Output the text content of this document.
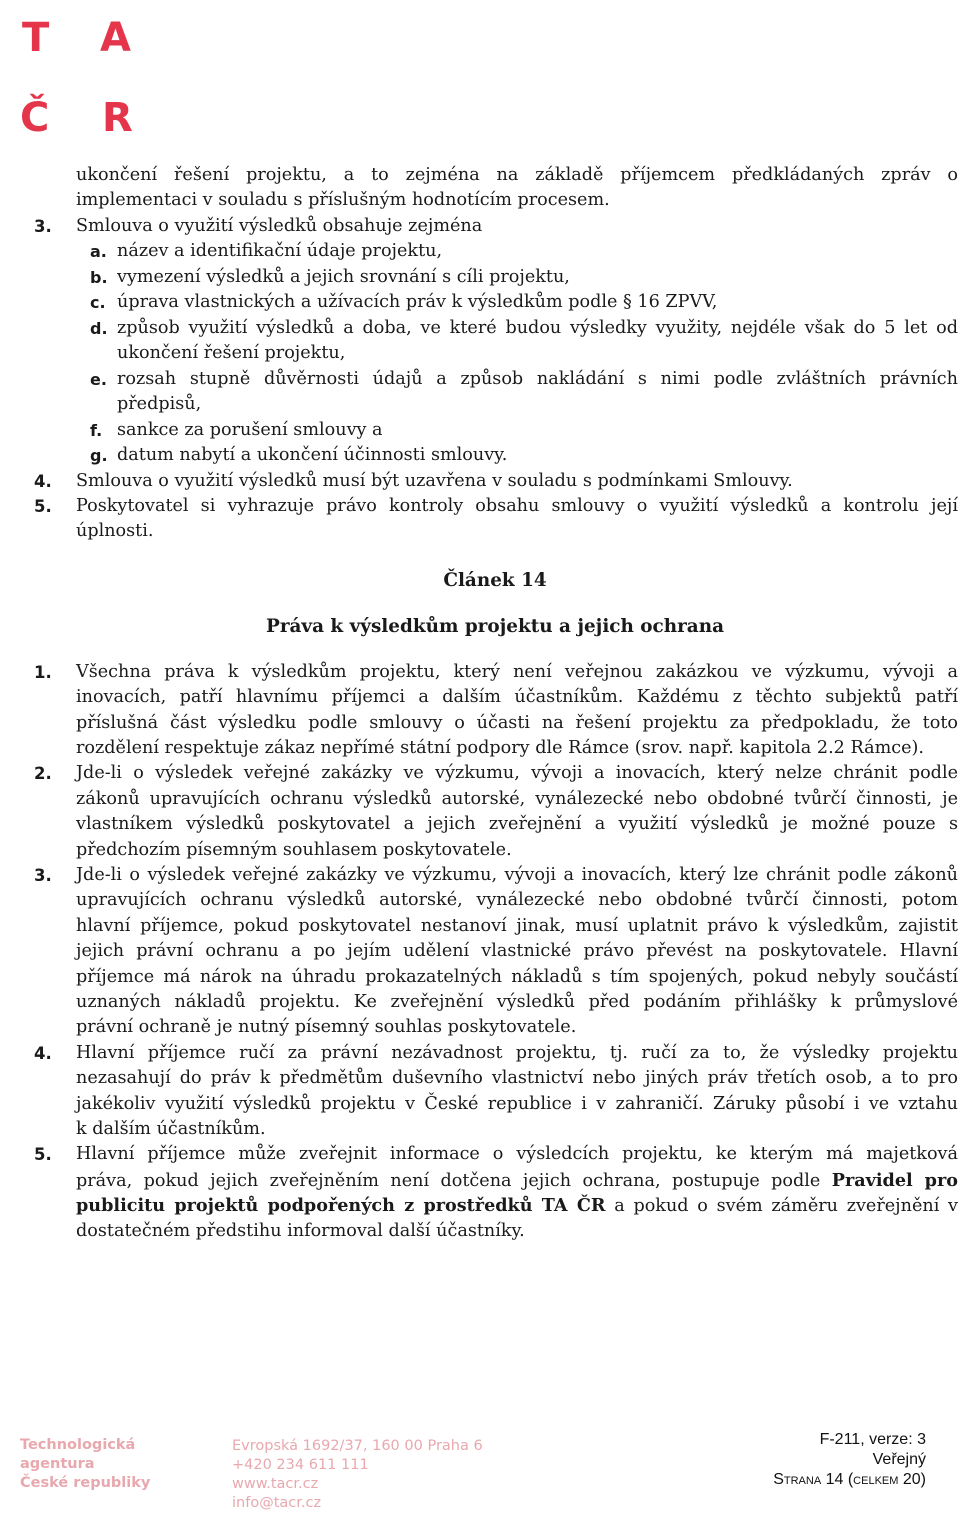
T A
Č R
ukončení řešení projektu, a to zejména na základě příjemcem předkládaných zpráv o
implementaci v souladu s příslušným hodnotícím procesem.
3. Smlouva o využití výsledků obsahuje zejména
a. název a identifikační údaje projektu,
b. vymezení výsledků a jejich srovnání s cíli projektu,
c. úprava vlastnických a užívacích práv k výsledkům podle § 16 ZPVV,
d. způsob využití výsledků a doba, ve které budou výsledky využity, nejdéle však do 5 let od
ukončení řešení projektu,
e. rozsah stupně důvěrnosti údajů a způsob nakládání s nimi podle zvláštních právních
předpisů,
f. sankce za porušení smlouvy a
g. datum nabytí a ukončení účinnosti smlouvy.
4. Smlouva o využití výsledků musí být uzavřena v souladu s podmínkami Smlouvy.
5. Poskytovatel si vyhrazuje právo kontroly obsahu smlouvy o využití výsledků a kontrolu její
úplnosti.
Článek 14
Práva k výsledkům projektu a jejich ochrana
1. Všechna práva k výsledkům projektu, který není veřejnou zakázkou ve výzkumu, vývoji a
inovacích, patří hlavnímu příjemci a dalším účastníkům. Každému z těchto subjektů patří
příslušná část výsledku podle smlouvy o účasti na řešení projektu za předpokladu, že toto
rozdělení respektuje zákaz nepřímé státní podpory dle Rámce (srov. např. kapitola 2.2 Rámce).
2. Jde-li o výsledek veřejné zakázky ve výzkumu, vývoji a inovacích, který nelze chránit podle
zákonů upravujících ochranu výsledků autorské, vynálezecké nebo obdobné tvůrčí činnosti, je
vlastníkem výsledků poskytovatel a jejich zveřejnění a využití výsledků je možné pouze s
předchozím písemným souhlasem poskytovatele.
3. Jde-li o výsledek veřejné zakázky ve výzkumu, vývoji a inovacích, který lze chránit podle zákonů
upravujících ochranu výsledků autorské, vynálezecké nebo obdobné tvůrčí činnosti, potom
hlavní příjemce, pokud poskytovatel nestanoví jinak, musí uplatnit právo k výsledkům, zajistit
jejich právní ochranu a po jejím udělení vlastnické právo převést na poskytovatele. Hlavní
příjemce má nárok na úhradu prokazatelných nákladů s tím spojených, pokud nebyly součástí
uznaných nákladů projektu. Ke zveřejnění výsledků před podáním přihlášky k průmyslové
právní ochraně je nutný písemný souhlas poskytovatele.
4. Hlavní příjemce ručí za právní nezávadnost projektu, tj. ručí za to, že výsledky projektu
nezasahují do práv k předmětům duševního vlastnictví nebo jiných práv třetích osob, a to pro
jakékoliv využití výsledků projektu v České republice i v zahraničí. Záruky působí i ve vztahu
k dalším účastníkům.
5. Hlavní příjemce může zveřejnit informace o výsledcích projektu, ke kterým má majetková
práva, pokud jejich zveřejněním není dotčena jejich ochrana, postupuje podle Pravidel pro
publicitu projektů podpořených z prostředků TA ČR a pokud o svém záměru zveřejnění v
dostatečném předstihu informoval další účastníky.
Technologická
agentura
České republiky
Evropská 1692/37, 160 00 Praha 6
+420 234 611 111
www.tacr.cz
info@tacr.cz
F-211, verze: 3
Veřejný
Strana 14 (celkem 20)
